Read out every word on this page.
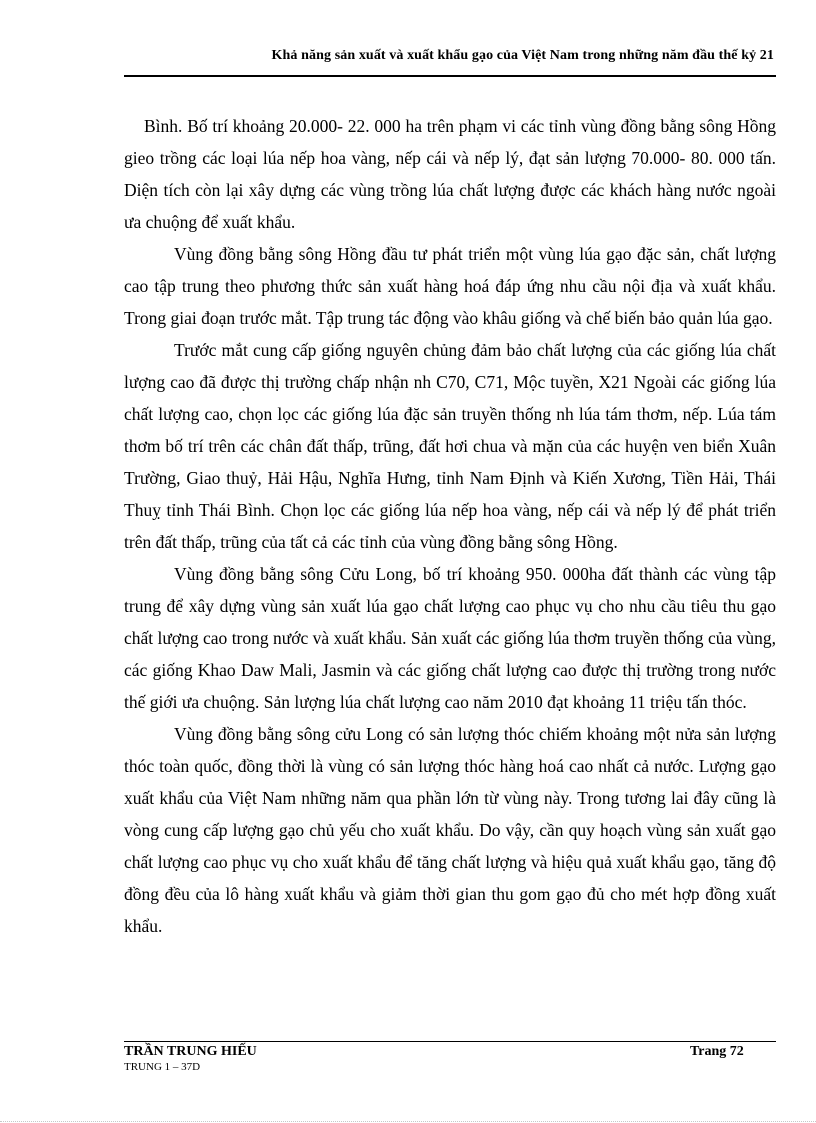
Khả năng sản xuất và xuất khẩu gạo của Việt Nam trong những năm đầu thế kỷ 21

Bình. Bố trí khoảng 20.000- 22. 000 ha trên phạm vi các tỉnh vùng đồng bằng sông Hồng gieo trồng các loại lúa nếp hoa vàng, nếp cái và nếp lý, đạt sản lượng 70.000- 80. 000 tấn. Diện tích còn lại xây dựng các vùng trồng lúa chất lượng được các khách hàng nước ngoài ưa chuộng để xuất khẩu.

Vùng đồng bằng sông Hồng đầu tư phát triển một vùng lúa gạo đặc sản, chất lượng cao tập trung theo phương thức sản xuất hàng hoá đáp ứng nhu cầu nội địa và xuất khẩu. Trong giai đoạn trước mắt. Tập trung tác động vào khâu giống và chế biến bảo quản lúa gạo.

Trước mắt cung cấp giống nguyên chủng đảm bảo chất lượng của các giống lúa chất lượng cao đã được thị trường chấp nhận nh C70, C71, Mộc tuyền, X21 Ngoài các giống lúa chất lượng cao, chọn lọc các giống lúa đặc sản truyền thống nh lúa tám thơm, nếp. Lúa tám thơm bố trí trên các chân đất thấp, trũng, đất hơi chua và mặn của các huyện ven biển Xuân Trường, Giao thuỷ, Hải Hậu, Nghĩa Hưng, tỉnh Nam Định và Kiến Xương, Tiền Hải, Thái Thuỵ tỉnh Thái Bình. Chọn lọc các giống lúa nếp hoa vàng, nếp cái và nếp lý để phát triển trên đất thấp, trũng của tất cả các tỉnh của vùng đồng bằng sông Hồng.

Vùng đồng bằng sông Cửu Long, bố trí khoảng 950. 000ha đất thành các vùng tập trung để xây dựng vùng sản xuất lúa gạo chất lượng cao phục vụ cho nhu cầu tiêu thu gạo chất lượng cao trong nước và xuất khẩu. Sản xuất các giống lúa thơm truyền thống của vùng, các giống Khao Daw Mali, Jasmin và các giống chất lượng cao được thị trường trong nước thế giới ưa chuộng. Sản lượng lúa chất lượng cao năm 2010 đạt khoảng 11 triệu tấn thóc.

Vùng đồng bằng sông cửu Long có sản lượng thóc chiếm khoảng một nửa sản lượng thóc toàn quốc, đồng thời là vùng có sản lượng thóc hàng hoá cao nhất cả nước. Lượng gạo xuất khẩu của Việt Nam những năm qua phần lớn từ vùng này. Trong tương lai đây cũng là vòng cung cấp lượng gạo chủ yếu cho xuất khẩu. Do vậy, cần quy hoạch vùng sản xuất gạo chất lượng cao phục vụ cho xuất khẩu để tăng chất lượng và hiệu quả xuất khẩu gạo, tăng độ đồng đều của lô hàng xuất khẩu và giảm thời gian thu gom gạo đủ cho mét hợp đồng xuất khẩu.

TRẦN TRUNG HIẾU
TRUNG 1 – 37D
Trang 72
